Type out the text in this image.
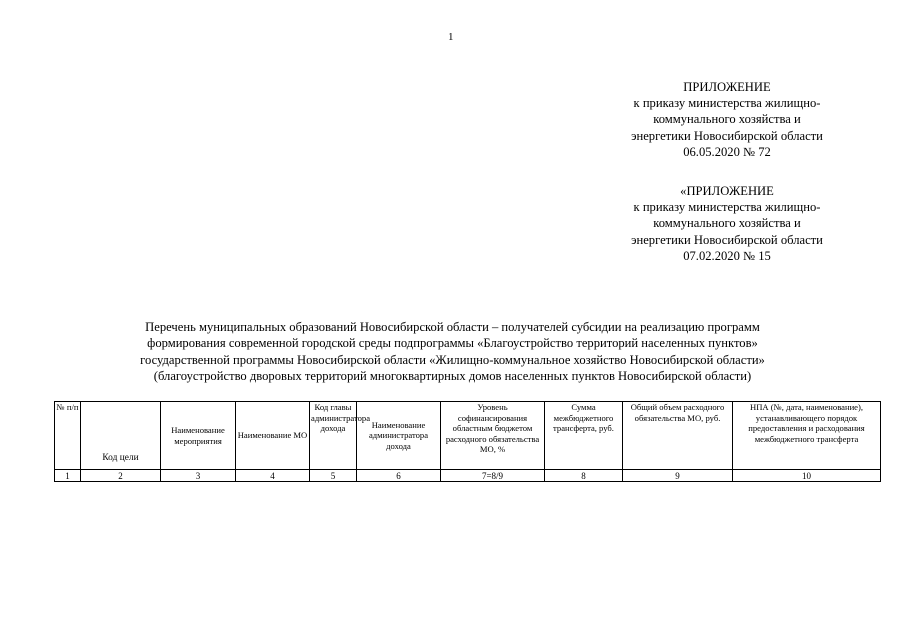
1
ПРИЛОЖЕНИЕ
к приказу министерства жилищно-
коммунального хозяйства и
энергетики Новосибирской области
06.05.2020 № 72
«ПРИЛОЖЕНИЕ
к приказу министерства жилищно-
коммунального хозяйства и
энергетики Новосибирской области
07.02.2020 № 15
Перечень муниципальных образований Новосибирской области – получателей субсидии на реализацию программ
формирования современной городской среды подпрограммы «Благоустройство территорий населенных пунктов»
государственной программы Новосибирской области «Жилищно-коммунальное хозяйство Новосибирской области»
(благоустройство дворовых территорий многоквартирных домов населенных пунктов Новосибирской области)
№ п/п	Код цели	Наименование мероприятия	Наименование МО	Код главы администратора дохода	Наименование администратора дохода	Уровень софинансирования областным бюджетом расходного обязательства МО, %	Сумма межбюджетного трансферта, руб.	Общий объем расходного обязательства МО, руб.	НПА (№, дата, наименование), устанавливающего порядок предоставления и расходования межбюджетного трансферта
1	2	3	4	5	6	7=8/9	8	9	10
